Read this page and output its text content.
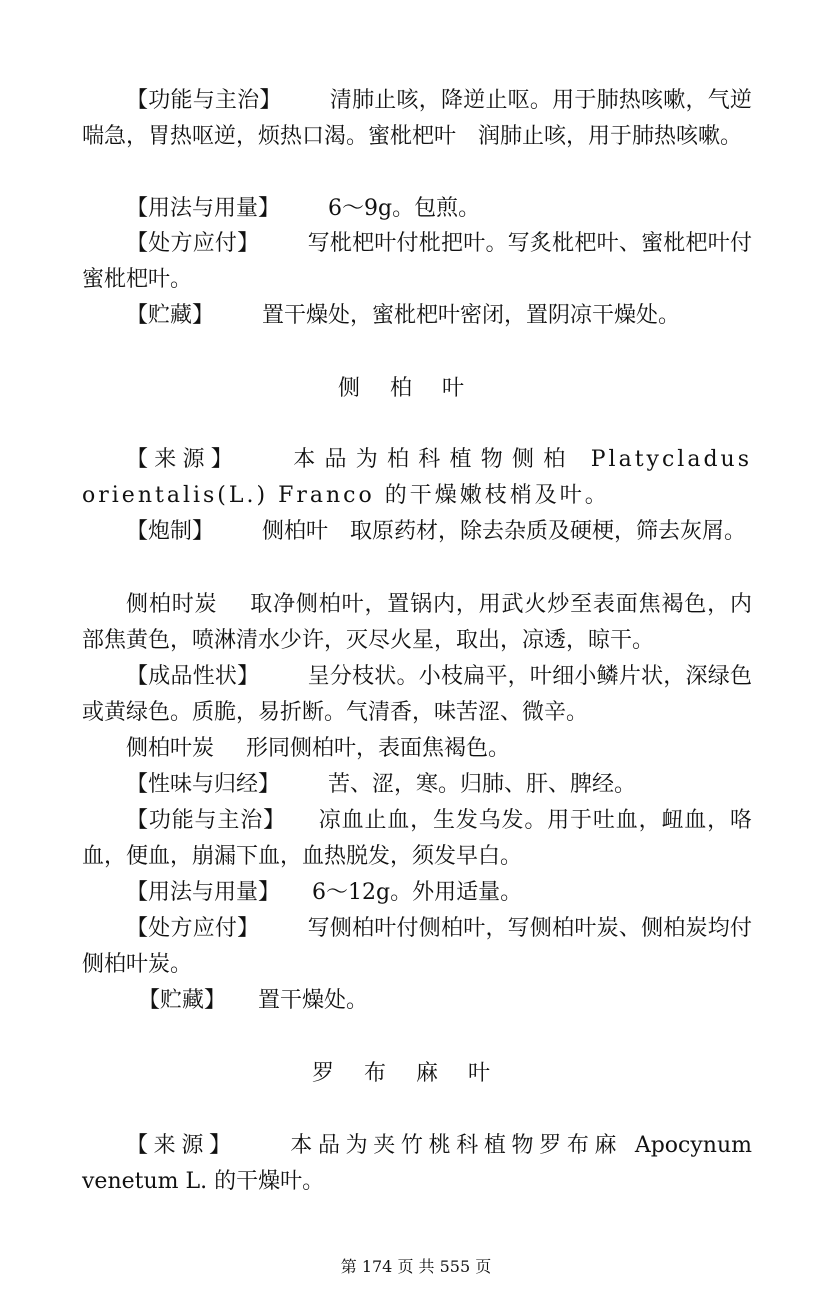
【功能与主治】 清肺止咳，降逆止呕。用于肺热咳嗽，气逆喘急，胃热呕逆，烦热口渴。蜜枇杷叶　润肺止咳，用于肺热咳嗽。

【用法与用量】 6～9g。包煎。

【处方应付】 写枇杷叶付枇把叶。写炙枇杷叶、蜜枇杷叶付蜜枇杷叶。

【贮藏】 置干燥处，蜜枇杷叶密闭，置阴凉干燥处。

侧柏叶

【来源】 本品为柏科植物侧柏 Platycladus orientalis(L.) Franco 的干燥嫩枝梢及叶。

【炮制】 侧柏叶　取原药材，除去杂质及硬梗，筛去灰屑。

侧柏时炭 取净侧柏叶，置锅内，用武火炒至表面焦褐色，内部焦黄色，喷淋清水少许，灭尽火星，取出，凉透，晾干。

【成品性状】 呈分枝状。小枝扁平，叶细小鳞片状，深绿色或黄绿色。质脆，易折断。气清香，味苦涩、微辛。

侧柏叶炭 形同侧柏叶，表面焦褐色。

【性味与归经】 苦、涩，寒。归肺、肝、脾经。

【功能与主治】 凉血止血，生发乌发。用于吐血，衄血，咯血，便血，崩漏下血，血热脱发，须发早白。

【用法与用量】 6～12g。外用适量。

【处方应付】 写侧柏叶付侧柏叶，写侧柏叶炭、侧柏炭均付侧柏叶炭。

【贮藏】 置干燥处。

罗布麻叶

【来源】 本品为夹竹桃科植物罗布麻 Apocynum venetum L. 的干燥叶。

第 174 页 共 555 页
